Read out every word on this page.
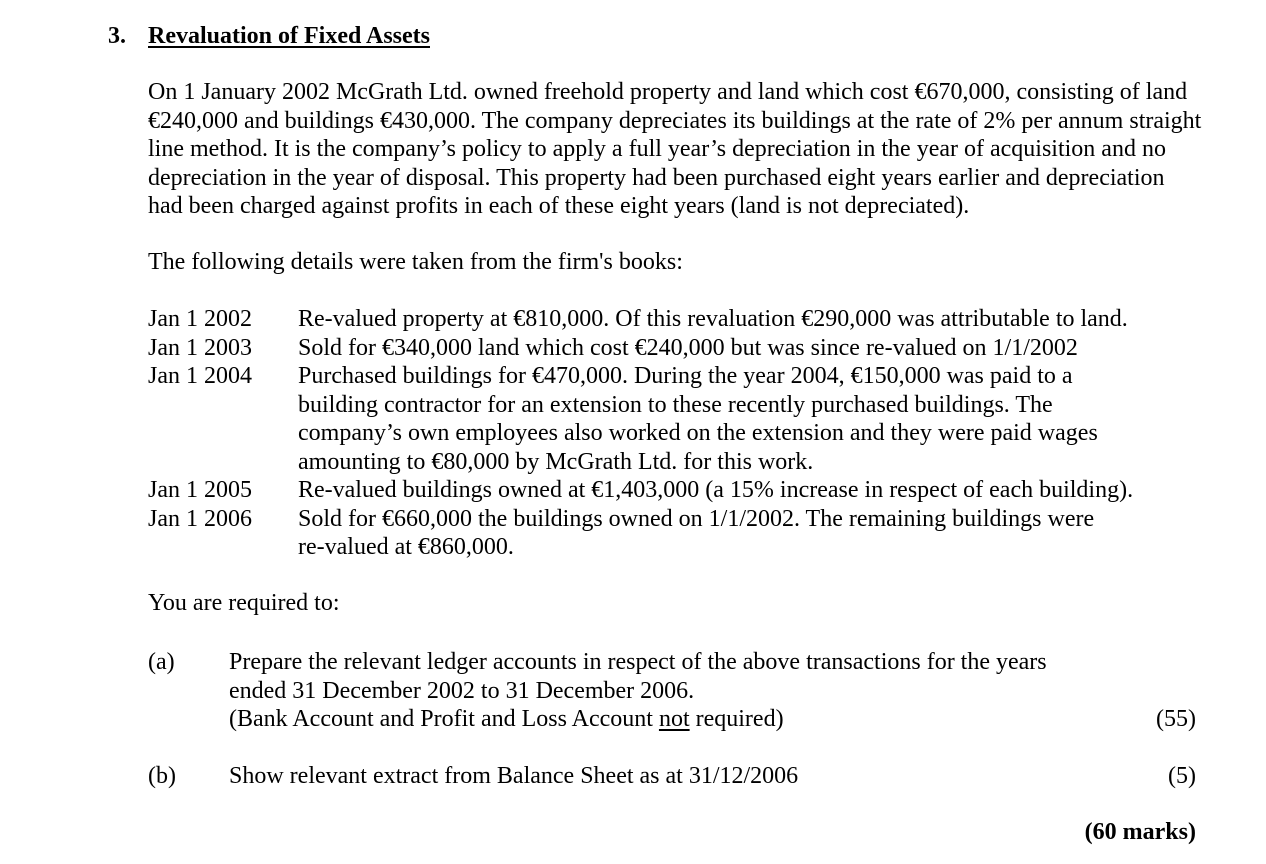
3. Revaluation of Fixed Assets

On 1 January 2002 McGrath Ltd. owned freehold property and land which cost €670,000, consisting of land
€240,000 and buildings €430,000. The company depreciates its buildings at the rate of 2% per annum straight
line method. It is the company’s policy to apply a full year’s depreciation in the year of acquisition and no
depreciation in the year of disposal. This property had been purchased eight years earlier and depreciation
had been charged against profits in each of these eight years (land is not depreciated).

The following details were taken from the firm's books:
Jan 1 2002	Re-valued property at €810,000. Of this revaluation €290,000 was attributable to land.
Jan 1 2003	Sold for €340,000 land which cost €240,000 but was since re-valued on 1/1/2002
Jan 1 2004	Purchased buildings for €470,000. During the year 2004, €150,000 was paid to a
building contractor for an extension to these recently purchased buildings. The
company’s own employees also worked on the extension and they were paid wages
amounting to €80,000 by McGrath Ltd. for this work.
Jan 1 2005	Re-valued buildings owned at €1,403,000 (a 15% increase in respect of each building).
Jan 1 2006	Sold for €660,000 the buildings owned on 1/1/2002. The remaining buildings were
re-valued at €860,000.
You are required to:
(a) Prepare the relevant ledger accounts in respect of the above transactions for the years
ended 31 December 2002 to 31 December 2006.
(Bank Account and Profit and Loss Account not required)	(55)
(b) Show relevant extract from Balance Sheet as at 31/12/2006	(5)
(60 marks)
